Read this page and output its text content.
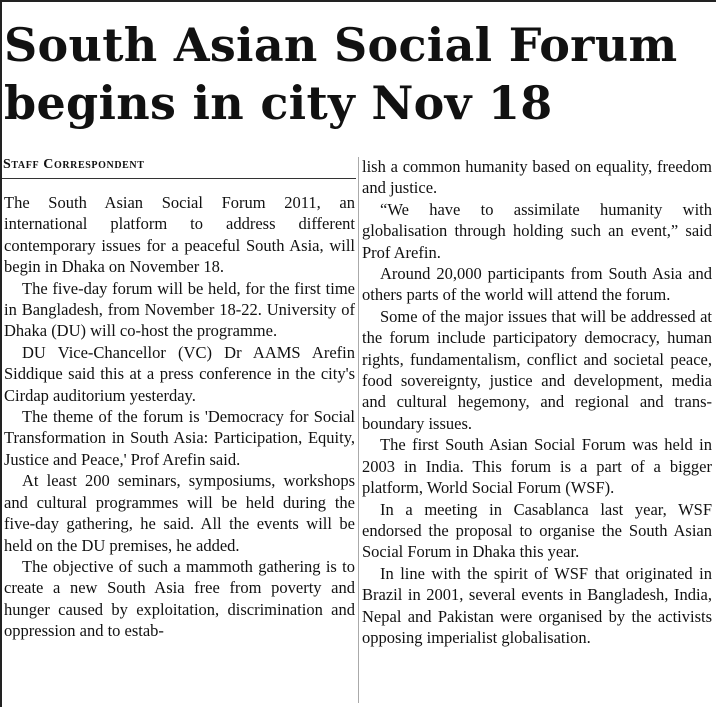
South Asian Social Forum
begins in city Nov 18
Staff Correspondent

The South Asian Social Forum 2011, an international platform to address different contemporary issues for a peaceful South Asia, will begin in Dhaka on November 18.

The five-day forum will be held, for the first time in Bangladesh, from November 18-22. University of Dhaka (DU) will co-host the programme.

DU Vice-Chancellor (VC) Dr AAMS Arefin Siddique said this at a press conference in the city's Cirdap auditorium yesterday.

The theme of the forum is 'Democracy for Social Transformation in South Asia: Participation, Equity, Justice and Peace,' Prof Arefin said.

At least 200 seminars, symposiums, workshops and cultural programmes will be held during the five-day gathering, he said. All the events will be held on the DU premises, he added.

The objective of such a mammoth gathering is to create a new South Asia free from poverty and hunger caused by exploitation, discrimination and oppression and to estab-

lish a common humanity based on equality, freedom and justice.

“We have to assimilate humanity with globalisation through holding such an event,” said Prof Arefin.

Around 20,000 participants from South Asia and others parts of the world will attend the forum.

Some of the major issues that will be addressed at the forum include participatory democracy, human rights, fundamentalism, conflict and societal peace, food sovereignty, justice and development, media and cultural hegemony, and regional and trans-boundary issues.

The first South Asian Social Forum was held in 2003 in India. This forum is a part of a bigger platform, World Social Forum (WSF).

In a meeting in Casablanca last year, WSF endorsed the proposal to organise the South Asian Social Forum in Dhaka this year.

In line with the spirit of WSF that originated in Brazil in 2001, several events in Bangladesh, India, Nepal and Pakistan were organised by the activists opposing imperialist globalisation.
